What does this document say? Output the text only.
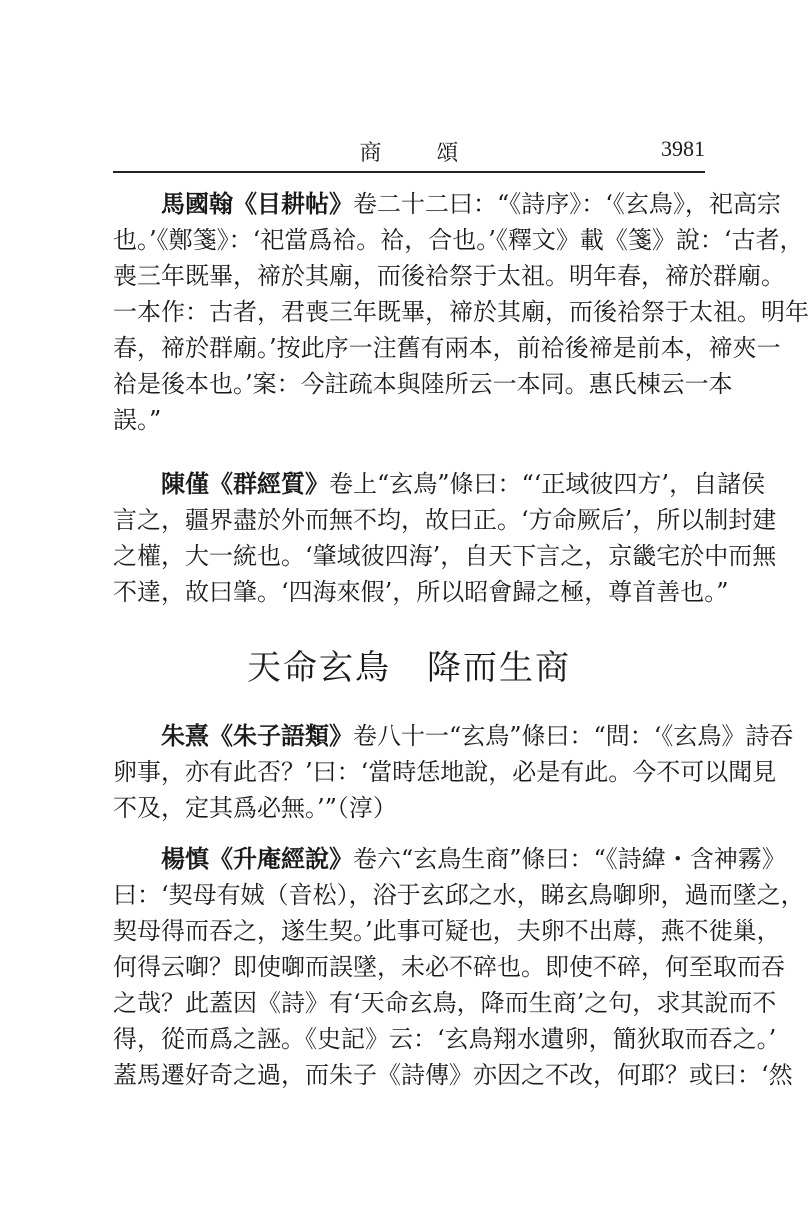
商 頌	3981
馬國翰《目耕帖》卷二十二曰：“《詩序》：‘《玄鳥》，祀高宗
也。’《鄭箋》：‘祀當爲祫。祫，合也。’《釋文》載《箋》說：‘古者，
喪三年既畢，禘於其廟，而後祫祭于太祖。明年春，禘於群廟。
一本作：古者，君喪三年既畢，禘於其廟，而後祫祭于太祖。明年
春，禘於群廟。’按此序一注舊有兩本，前祫後禘是前本，禘夾一
祫是後本也。’案：今註疏本與陸所云一本同。惠氏棟云一本
誤。”
陳僅《群經質》卷上“玄鳥”條曰：“‘正域彼四方’，自諸侯
言之，疆界盡於外而無不均，故曰正。‘方命厥后’，所以制封建
之權，大一統也。‘肇域彼四海’，自天下言之，京畿宅於中而無
不達，故曰肇。‘四海來假’，所以昭會歸之極，尊首善也。”
天命玄鳥　降而生商
朱熹《朱子語類》卷八十一“玄鳥”條曰：“問：‘《玄鳥》詩吞
卵事，亦有此否？’曰：‘當時恁地說，必是有此。今不可以聞見
不及，定其爲必無。’”（淳）
楊慎《升庵經說》卷六“玄鳥生商”條曰：“《詩緯・含神霧》
曰：‘契母有娀（音松），浴于玄邱之水，睇玄鳥啣卵，過而墜之，
契母得而吞之，遂生契。’此事可疑也，夫卵不出蓐，燕不徙巢，
何得云啣？即使啣而誤墜，未必不碎也。即使不碎，何至取而吞
之哉？此蓋因《詩》有‘天命玄鳥，降而生商’之句，求其說而不
得，從而爲之誣。《史記》云：‘玄鳥翔水遺卵，簡狄取而吞之。’
蓋馬遷好奇之過，而朱子《詩傳》亦因之不改，何耶？或曰：‘然
